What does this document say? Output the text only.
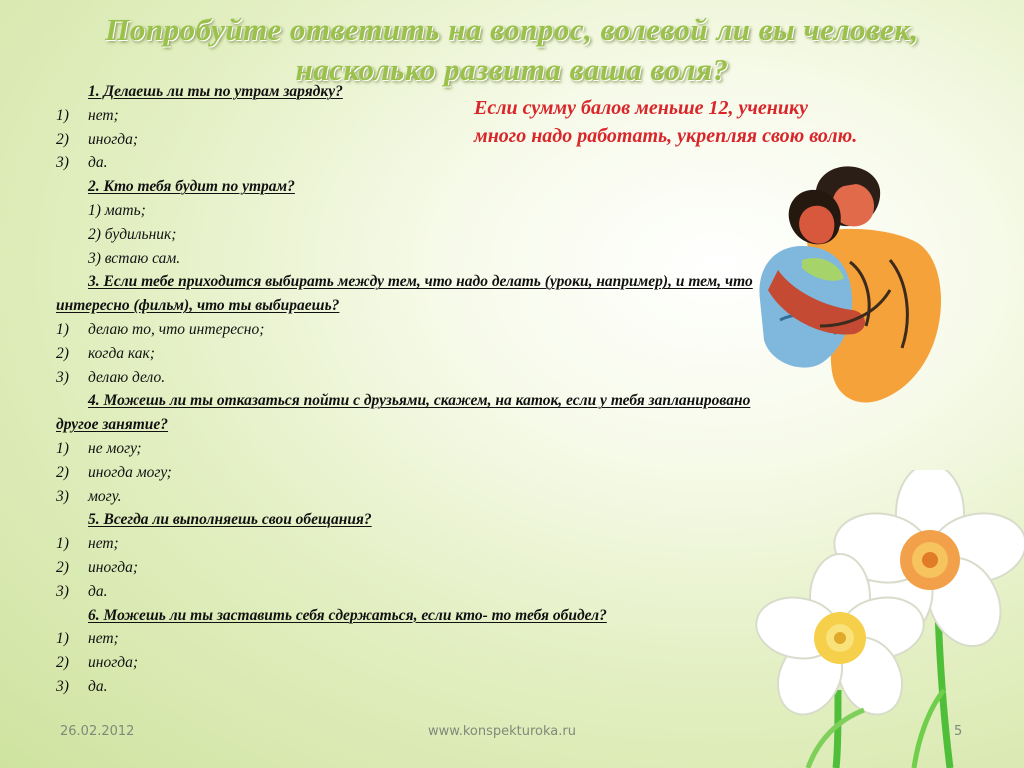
Попробуйте ответить на вопрос, волевой ли вы человек,
насколько развита ваша воля?
Если сумму балов меньше 12, ученику
много надо работать, укрепляя свою волю.
1. Делаешь ли ты по утрам зарядку?
1)	нет;
2)	иногда;
3)	да.
2. Кто тебя будит по утрам?
1) мать;
2) будильник;
3) встаю сам.
3. Если тебе приходится выбирать между тем, что надо делать (уроки, например), и тем, что
интересно (фильм), что ты выбираешь?
1)	делаю то, что интересно;
2)	когда как;
3)	делаю дело.
4. Можешь ли ты отказаться пойти с друзьями, скажем, на каток, если у тебя запланировано
другое занятие?
1)	не могу;
2)	иногда могу;
3)	могу.
5. Всегда ли выполняешь свои обещания?
1)	нет;
2)	иногда;
3)	да.
6. Можешь ли ты заставить себя сдержаться, если кто- то тебя обидел?
1)	нет;
2)	иногда;
3)	да.
26.02.2012	www.konspekturoka.ru	5
